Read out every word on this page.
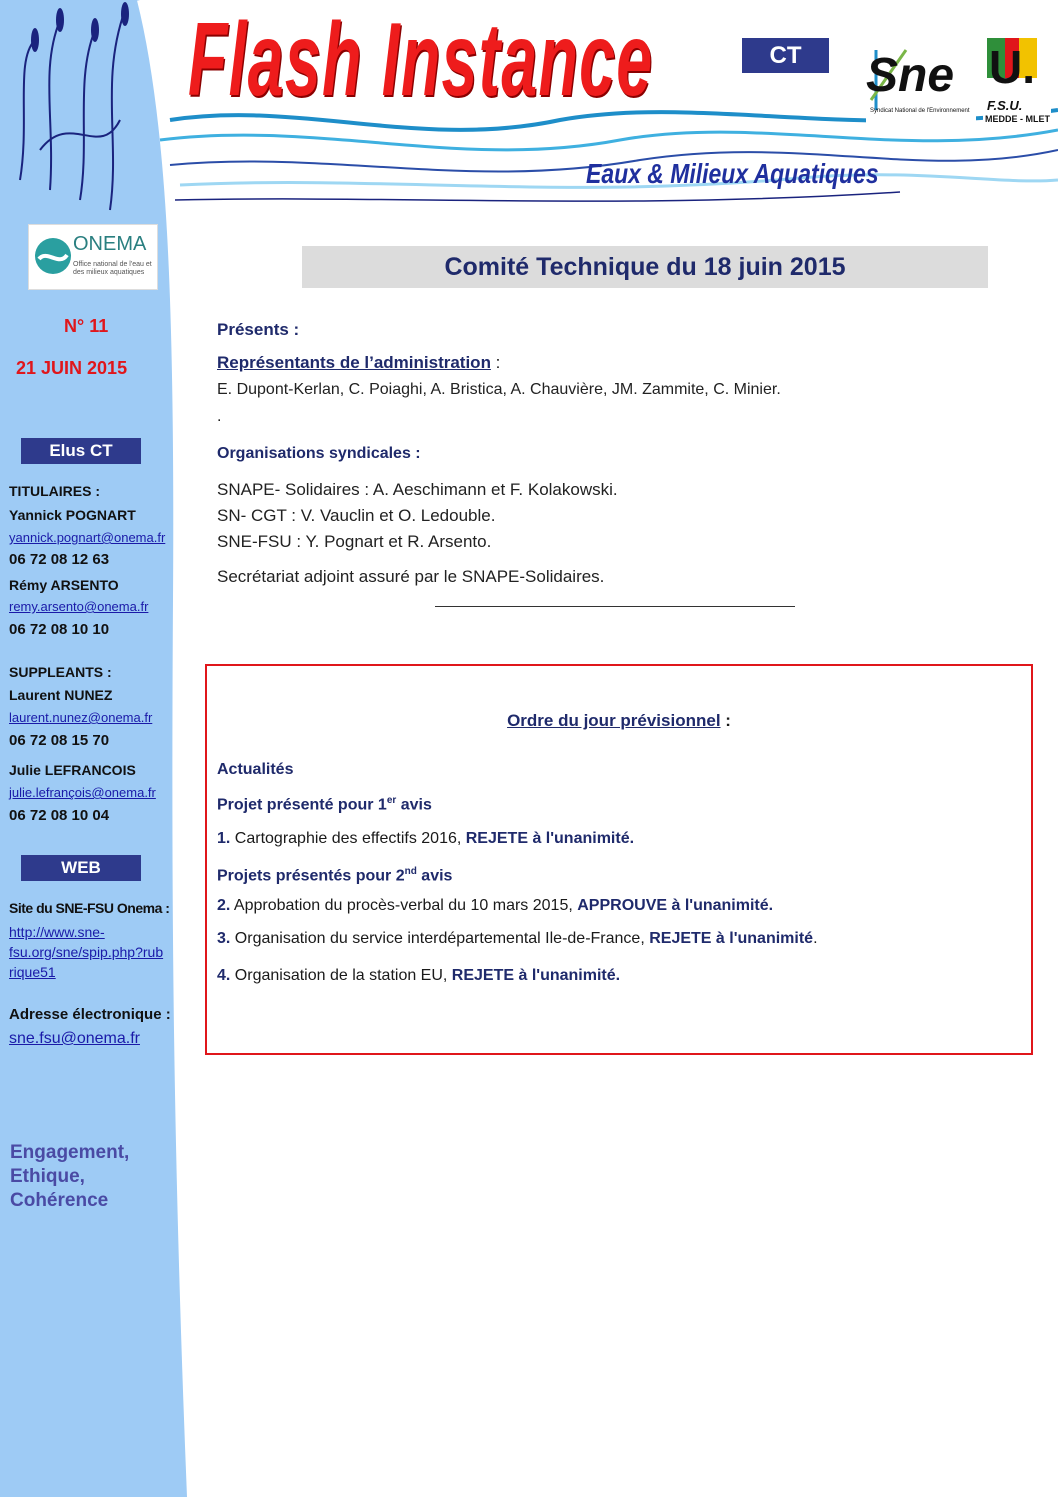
Flash Instance	CT
Eaux & Milieux Aquatiques
Sne
Syndicat National de l'Environnement
U.
F.S.U.
MEDDE - MLET
ONEMA
Office national de l'eau et des milieux aquatiques
N° 11
21 JUIN 2015
Elus CT
TITULAIRES :
Yannick POGNART
yannick.pognart@onema.fr
06 72 08 12 63
Rémy ARSENTO
remy.arsento@onema.fr
06 72 08 10 10
SUPPLEANTS :
Laurent NUNEZ
laurent.nunez@onema.fr
06 72 08 15 70
Julie LEFRANCOIS
julie.lefrançois@onema.fr
06 72 08 10 04
WEB
Site du SNE-FSU Onema :
http://www.sne-
fsu.org/sne/spip.php?rub
rique51
Adresse électronique :
sne.fsu@onema.fr
Engagement,
Ethique,
Cohérence
Comité Technique du 18 juin 2015
Présents :
Représentants de l’administration :
E. Dupont-Kerlan, C. Poiaghi, A. Bristica, A. Chauvière, JM. Zammite, C. Minier.
.
Organisations syndicales :
SNAPE- Solidaires : A. Aeschimann et F. Kolakowski.
SN- CGT : V. Vauclin et O. Ledouble.
SNE-FSU : Y. Pognart et R. Arsento.
Secrétariat adjoint assuré par le SNAPE-Solidaires.
Ordre du jour prévisionnel :
Actualités
Projet présenté pour 1er avis
1. Cartographie des effectifs 2016, REJETE à l'unanimité.
Projets présentés pour 2nd avis
2. Approbation du procès-verbal du 10 mars 2015, APPROUVE à l'unanimité.
3. Organisation du service interdépartemental Ile-de-France, REJETE à l'unanimité.
4. Organisation de la station EU, REJETE à l'unanimité.
